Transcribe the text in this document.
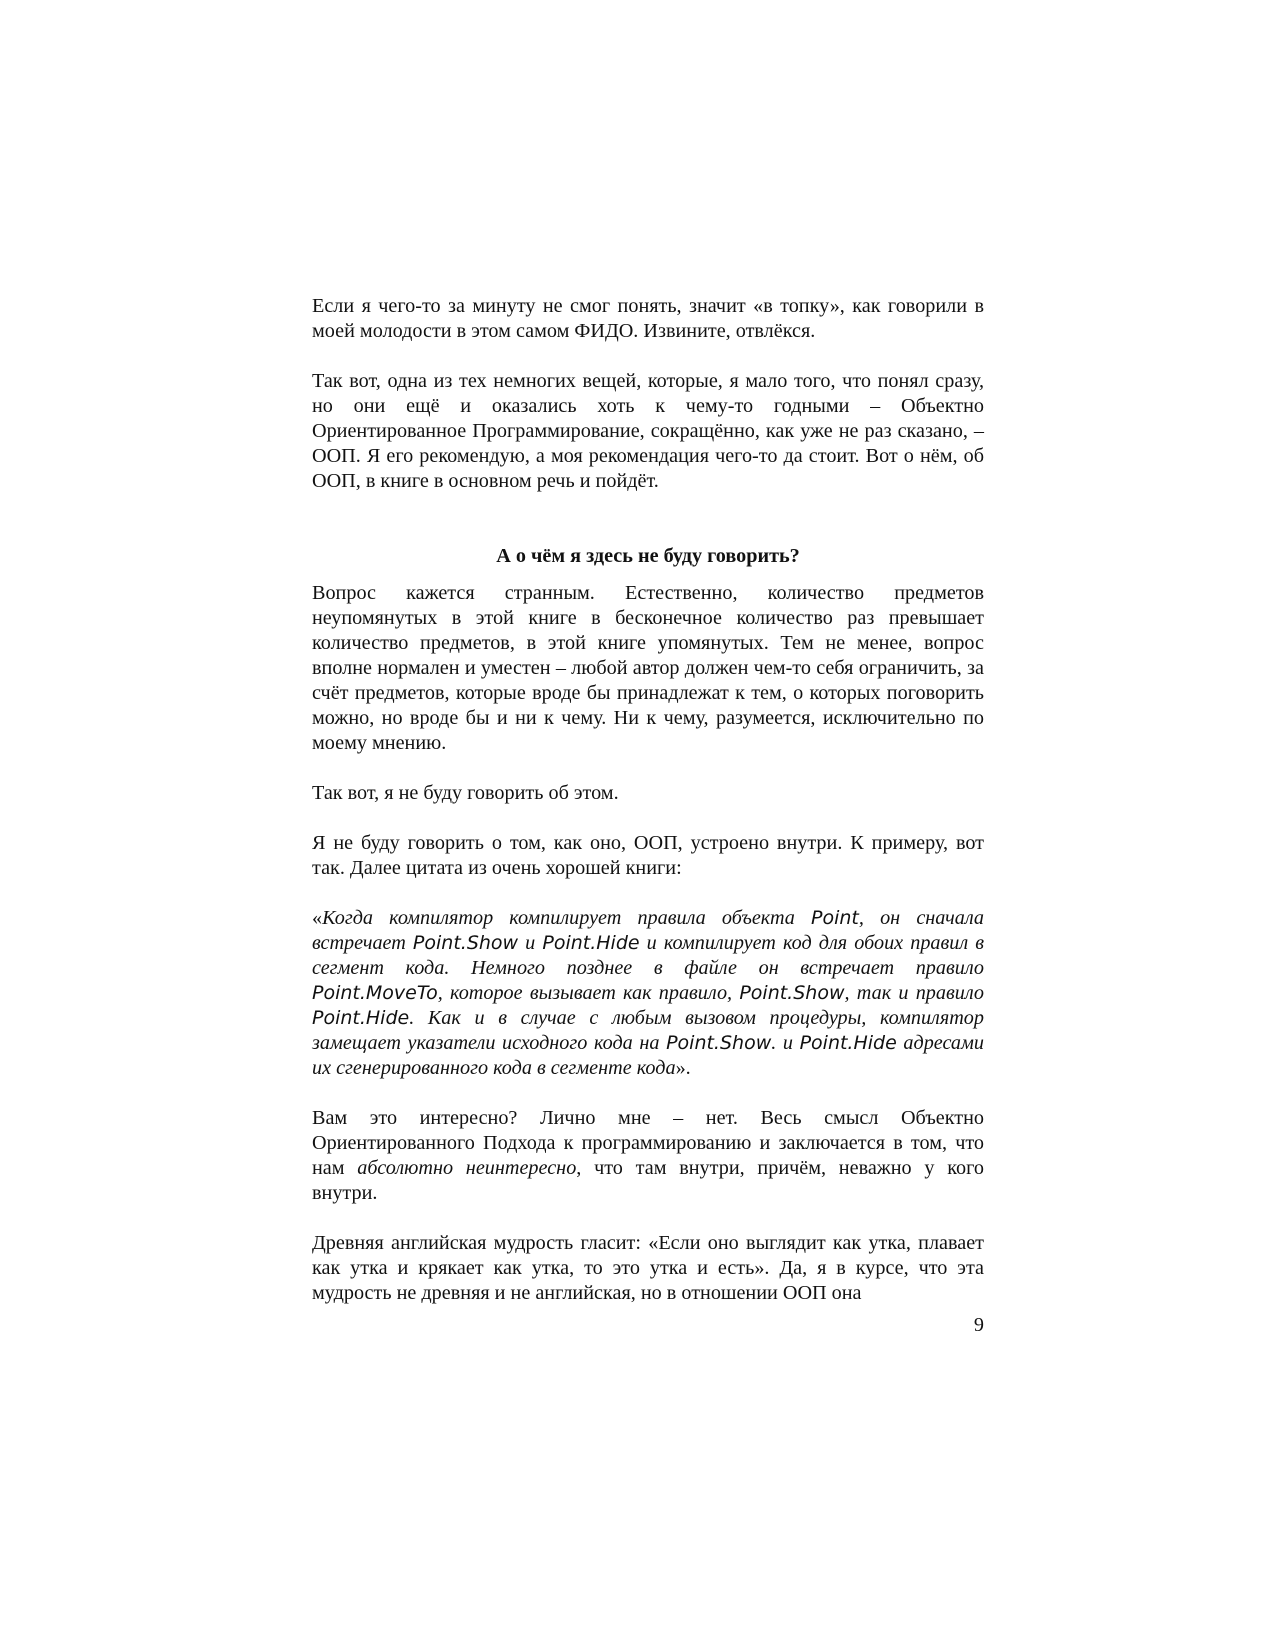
Если я чего-то за минуту не смог понять, значит «в топку», как говорили в моей молодости в этом самом ФИДО. Извините, отвлёкся.

Так вот, одна из тех немногих вещей, которые, я мало того, что понял сразу, но они ещё и оказались хоть к чему-то годными – Объектно Ориентированное Программирование, сокращённо, как уже не раз сказано, – ООП. Я его рекомендую, а моя рекомендация чего-то да стоит. Вот о нём, об ООП, в книге в основном речь и пойдёт.

А о чём я здесь не буду говорить?

Вопрос кажется странным. Естественно, количество предметов неупомянутых в этой книге в бесконечное количество раз превышает количество предметов, в этой книге упомянутых. Тем не менее, вопрос вполне нормален и уместен – любой автор должен чем-то себя ограничить, за счёт предметов, которые вроде бы принадлежат к тем, о которых поговорить можно, но вроде бы и ни к чему. Ни к чему, разумеется, исключительно по моему мнению.

Так вот, я не буду говорить об этом.

Я не буду говорить о том, как оно, ООП, устроено внутри. К примеру, вот так. Далее цитата из очень хорошей книги:

«Когда компилятор компилирует правила объекта Point, он сначала встречает Point.Show и Point.Hide и компилирует код для обоих правил в сегмент кода. Немного позднее в файле он встречает правило Point.MoveTo, которое вызывает как правило, Point.Show, так и правило Point.Hide. Как и в случае с любым вызовом процедуры, компилятор замещает указатели исходного кода на Point.Show. и Point.Hide адресами их сгенерированного кода в сегменте кода».

Вам это интересно? Лично мне – нет. Весь смысл Объектно Ориентированного Подхода к программированию и заключается в том, что нам абсолютно неинтересно, что там внутри, причём, неважно у кого внутри.

Древняя английская мудрость гласит: «Если оно выглядит как утка, плавает как утка и крякает как утка, то это утка и есть». Да, я в курсе, что эта мудрость не древняя и не английская, но в отношении ООП она

9
